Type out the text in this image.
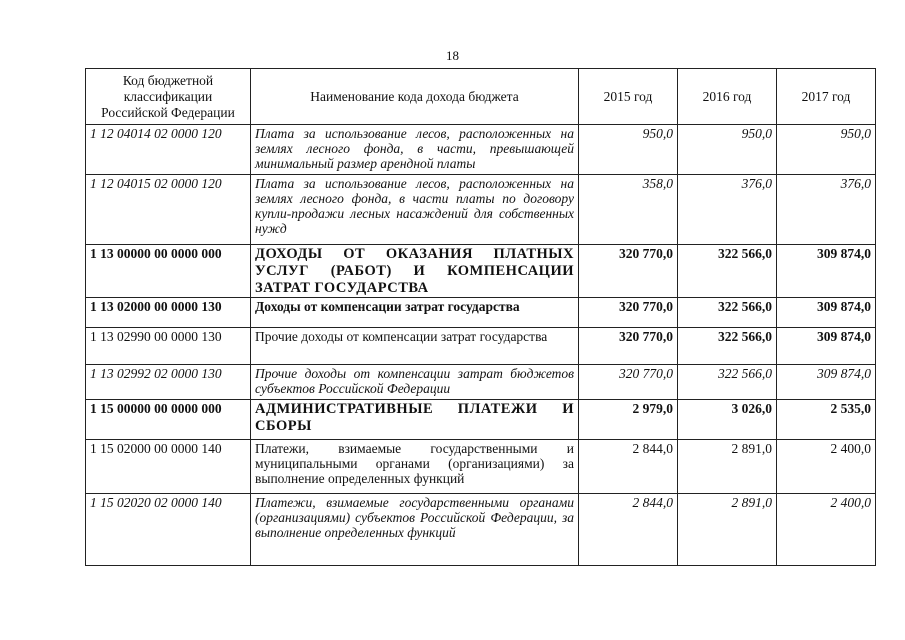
18
Код бюджетной классификации Российской Федерации	Наименование кода дохода бюджета	2015 год	2016 год	2017 год
1 12 04014 02 0000 120	Плата за использование лесов, расположенных на землях лесного фонда, в части, превышающей минимальный размер арендной платы	950,0	950,0	950,0
1 12 04015 02 0000 120	Плата за использование лесов, расположенных на землях лесного фонда, в части платы по договору купли-продажи лесных насаждений для собственных нужд	358,0	376,0	376,0
1 13 00000 00 0000 000	ДОХОДЫ ОТ ОКАЗАНИЯ ПЛАТНЫХ УСЛУГ (РАБОТ) И КОМПЕНСАЦИИ ЗАТРАТ ГОСУДАРСТВА	320 770,0	322 566,0	309 874,0
1 13 02000 00 0000 130	Доходы от компенсации затрат государства	320 770,0	322 566,0	309 874,0
1 13 02990 00 0000 130	Прочие доходы от компенсации затрат государства	320 770,0	322 566,0	309 874,0
1 13 02992 02 0000 130	Прочие доходы от компенсации затрат бюджетов субъектов Российской Федерации	320 770,0	322 566,0	309 874,0
1 15 00000 00 0000 000	АДМИНИСТРАТИВНЫЕ ПЛАТЕЖИ И СБОРЫ	2 979,0	3 026,0	2 535,0
1 15 02000 00 0000 140	Платежи, взимаемые государственными и муниципальными органами (организациями) за выполнение определенных функций	2 844,0	2 891,0	2 400,0
1 15 02020 02 0000 140	Платежи, взимаемые государственными органами (организациями) субъектов Российской Федерации, за выполнение определенных функций	2 844,0	2 891,0	2 400,0
